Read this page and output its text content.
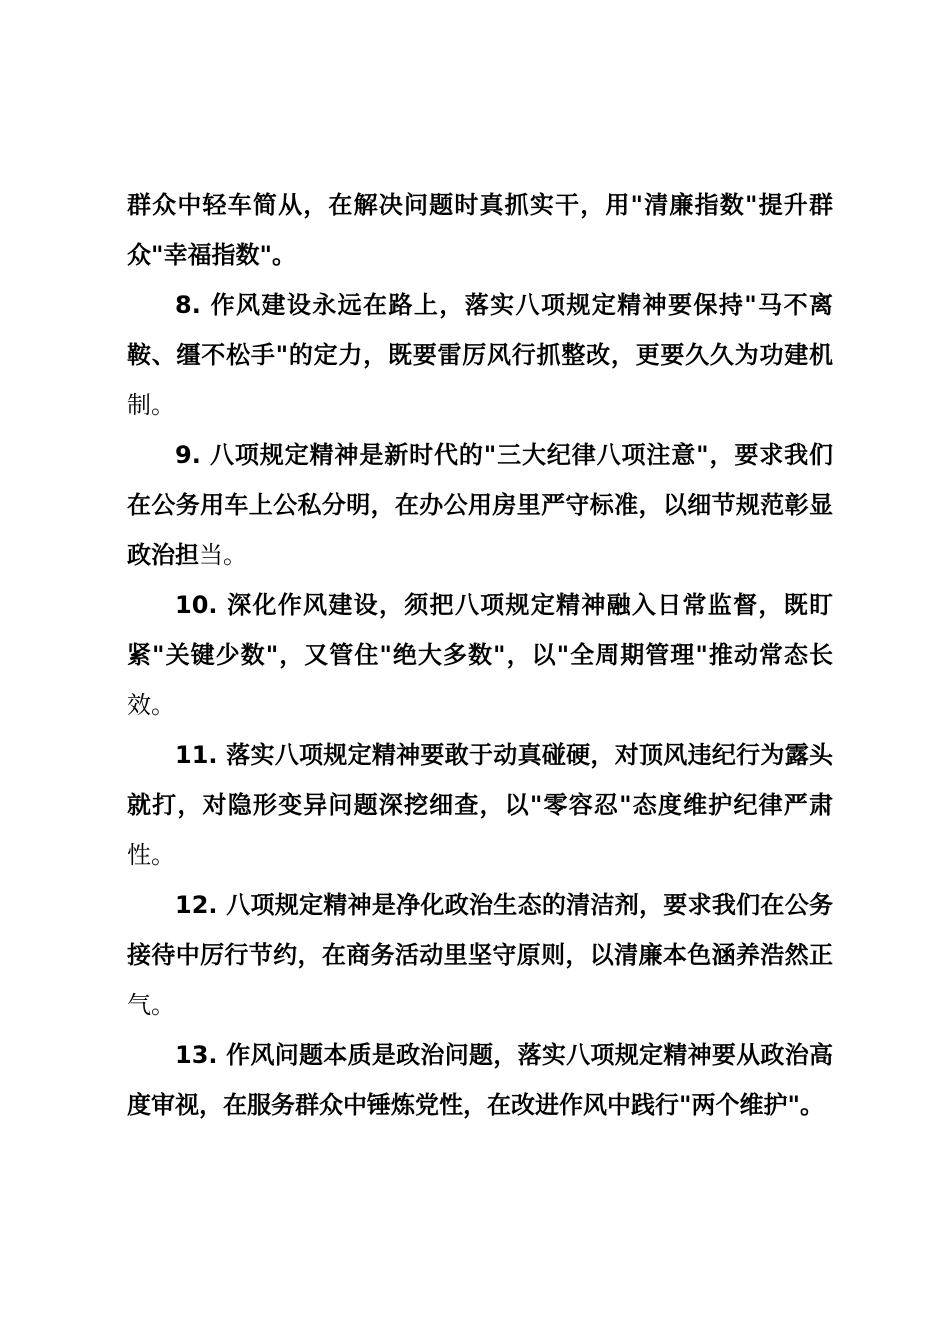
群众中轻车简从，在解决问题时真抓实干，用"清廉指数"提升群众"幸福指数"。

8. 作风建设永远在路上，落实八项规定精神要保持"马不离鞍、缰不松手"的定力，既要雷厉风行抓整改，更要久久为功建机制。

9. 八项规定精神是新时代的"三大纪律八项注意"，要求我们在公务用车上公私分明，在办公用房里严守标准，以细节规范彰显政治担当。

10. 深化作风建设，须把八项规定精神融入日常监督，既盯紧"关键少数"，又管住"绝大多数"，以"全周期管理"推动常态长效。

11. 落实八项规定精神要敢于动真碰硬，对顶风违纪行为露头就打，对隐形变异问题深挖细查，以"零容忍"态度维护纪律严肃性。

12. 八项规定精神是净化政治生态的清洁剂，要求我们在公务接待中厉行节约，在商务活动里坚守原则，以清廉本色涵养浩然正气。

13. 作风问题本质是政治问题，落实八项规定精神要从政治高度审视，在服务群众中锤炼党性，在改进作风中践行"两个维护"。
